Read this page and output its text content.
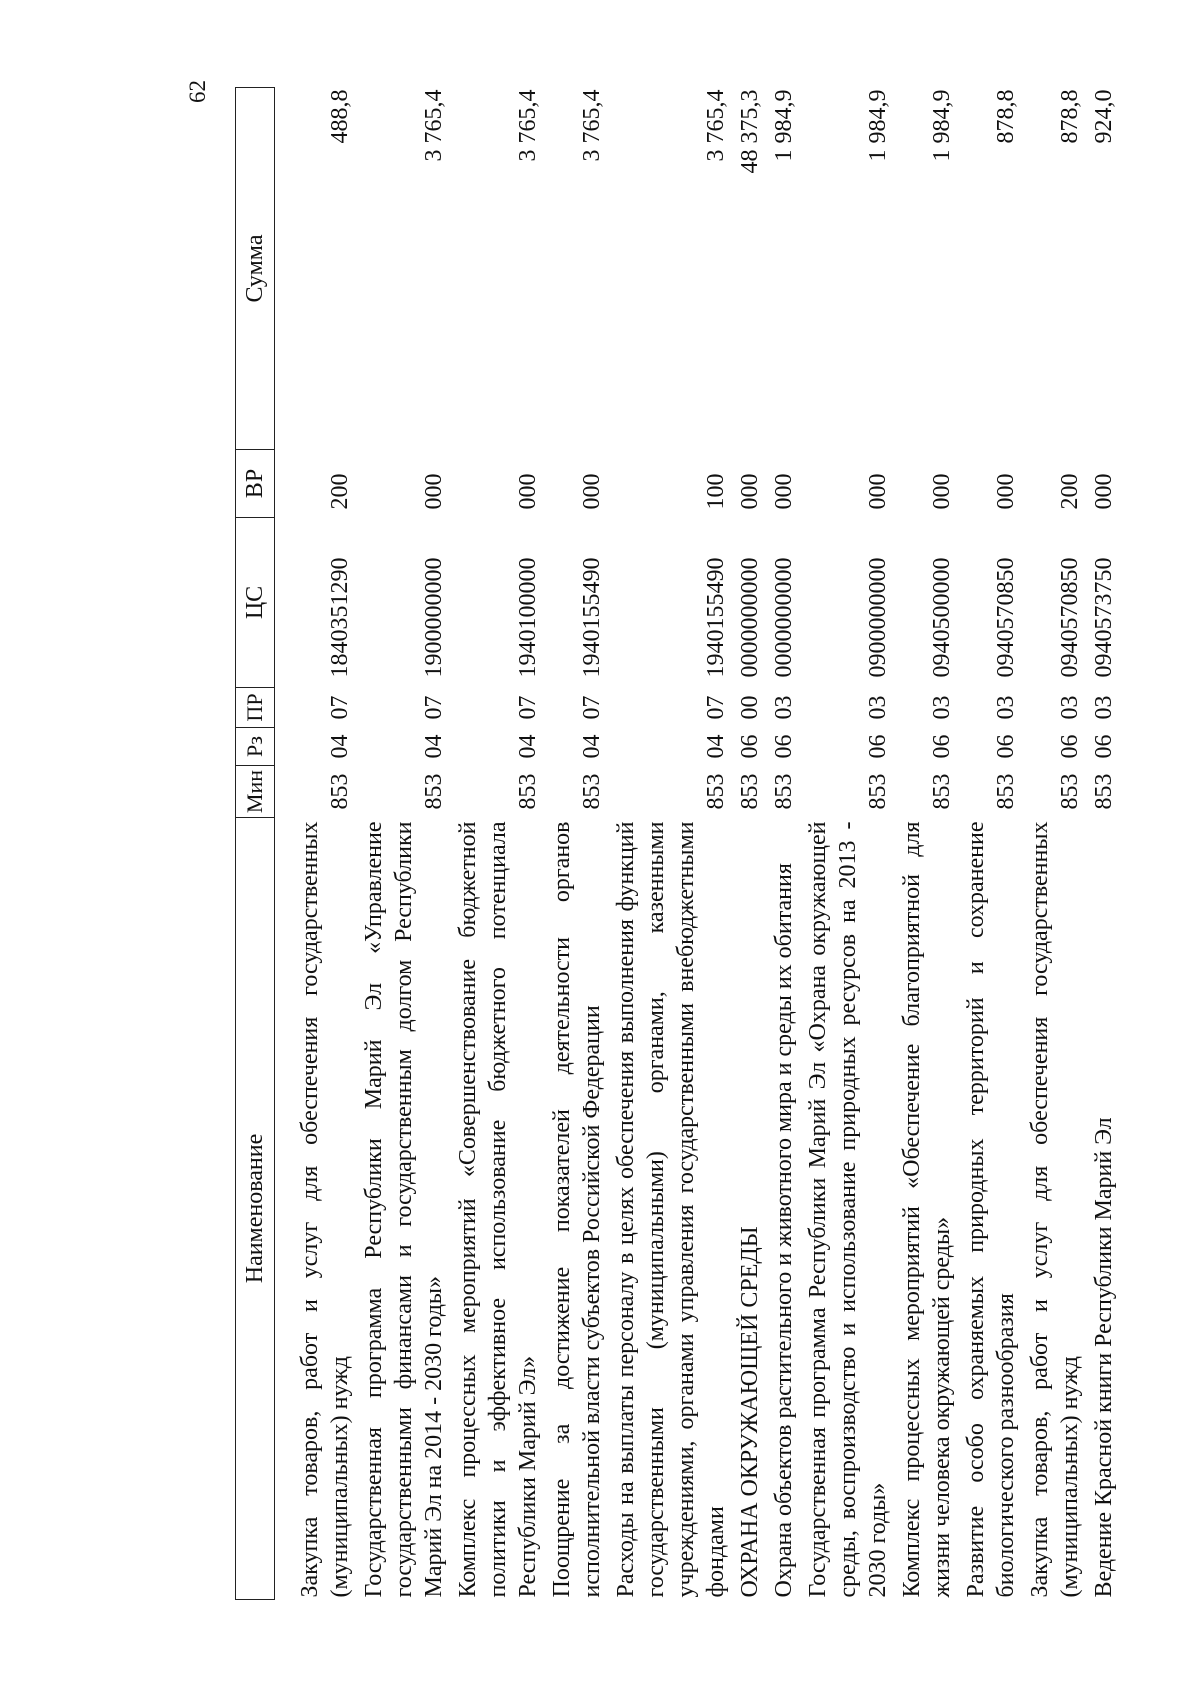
62
Наименование	Мин	Рз	ПР	ЦС	ВР	Сумма

Закупка товаров, работ и услуг для обеспечения государственных (муниципальных) нужд	853	04	07	1840351290	200	488,8
Государственная программа Республики Марий Эл «Управление государственными финансами и государственным долгом Республики Марий Эл на 2014 - 2030 годы»	853	04	07	1900000000	000	3 765,4
Комплекс процессных мероприятий «Совершенствование бюджетной политики и эффективное использование бюджетного потенциала Республики Марий Эл»	853	04	07	1940100000	000	3 765,4
Поощрение за достижение показателей деятельности органов исполнительной власти субъектов Российской Федерации	853	04	07	1940155490	000	3 765,4
Расходы на выплаты персоналу в целях обеспечения выполнения функций государственными (муниципальными) органами, казенными учреждениями, органами управления государственными внебюджетными фондами	853	04	07	1940155490	100	3 765,4
ОХРАНА ОКРУЖАЮЩЕЙ СРЕДЫ	853	06	00	0000000000	000	48 375,3
Охрана объектов растительного и животного мира и среды их обитания	853	06	03	0000000000	000	1 984,9
Государственная программа Республики Марий Эл «Охрана окружающей среды, воспроизводство и использование природных ресурсов на 2013 - 2030 годы»	853	06	03	0900000000	000	1 984,9
Комплекс процессных мероприятий «Обеспечение благоприятной для жизни человека окружающей среды»	853	06	03	0940500000	000	1 984,9
Развитие особо охраняемых природных территорий и сохранение биологического разнообразия	853	06	03	0940570850	000	878,8
Закупка товаров, работ и услуг для обеспечения государственных (муниципальных) нужд	853	06	03	0940570850	200	878,8
Ведение Красной книги Республики Марий Эл	853	06	03	0940573750	000	924,0
